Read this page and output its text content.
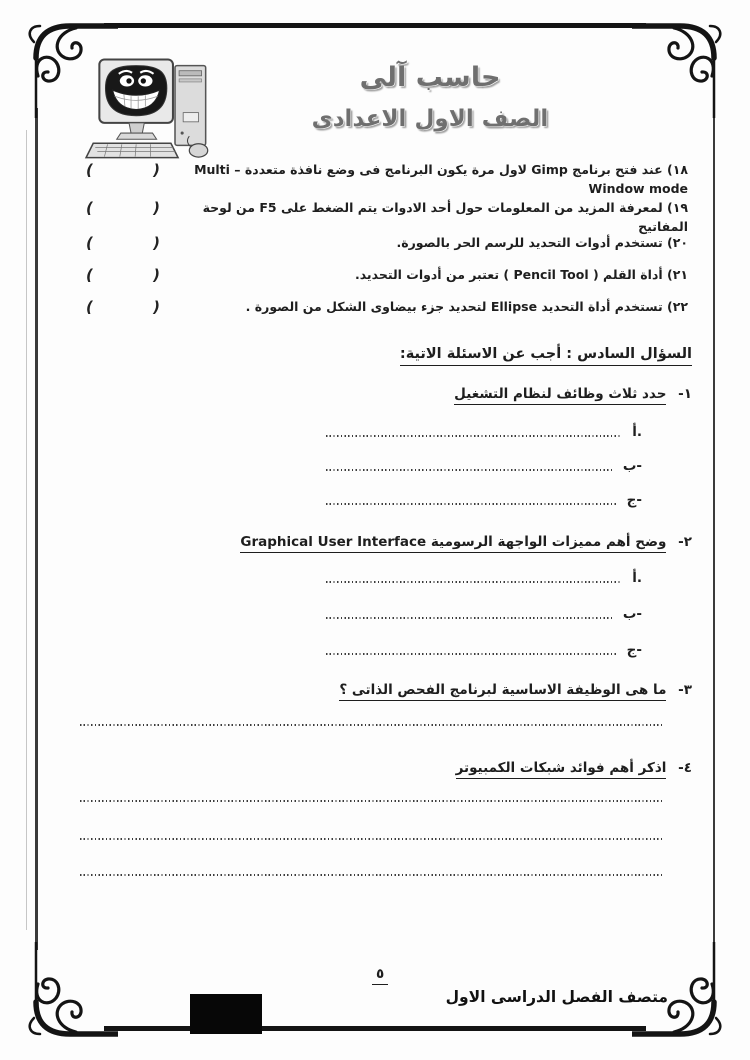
حاسب آلى
الصف الاول الاعدادى
(	)	١٨) عند فتح برنامج Gimp لاول مرة يكون البرنامج فى وضع نافذة متعددة Multi – Window mode
(	)	١٩) لمعرفة المزيد من المعلومات حول أحد الادوات يتم الضغط على F5 من لوحة المفاتيح
(	)	٢٠) تستخدم أدوات التحديد للرسم الحر بالصورة.
(	)	٢١) أداة القلم ( Pencil Tool ) تعتبر من أدوات التحديد.
(	)	٢٢) تستخدم أداة التحديد Ellipse لتحديد جزء بيضاوى الشكل من الصورة .
السؤال السادس : أجب عن الاسئلة الاتية:
١- حدد ثلاث وظائف لنظام التشغيل
أ.
ب-
ج-
٢- وضح أهم مميزات الواجهة الرسومية Graphical User Interface
أ.
ب-
ج-
٣- ما هى الوظيفة الاساسية لبرنامج الفحص الذاتى ؟
٤- اذكر أهم فوائد شبكات الكمبيوتر
٥
متصف الفصل الدراسى الاول
